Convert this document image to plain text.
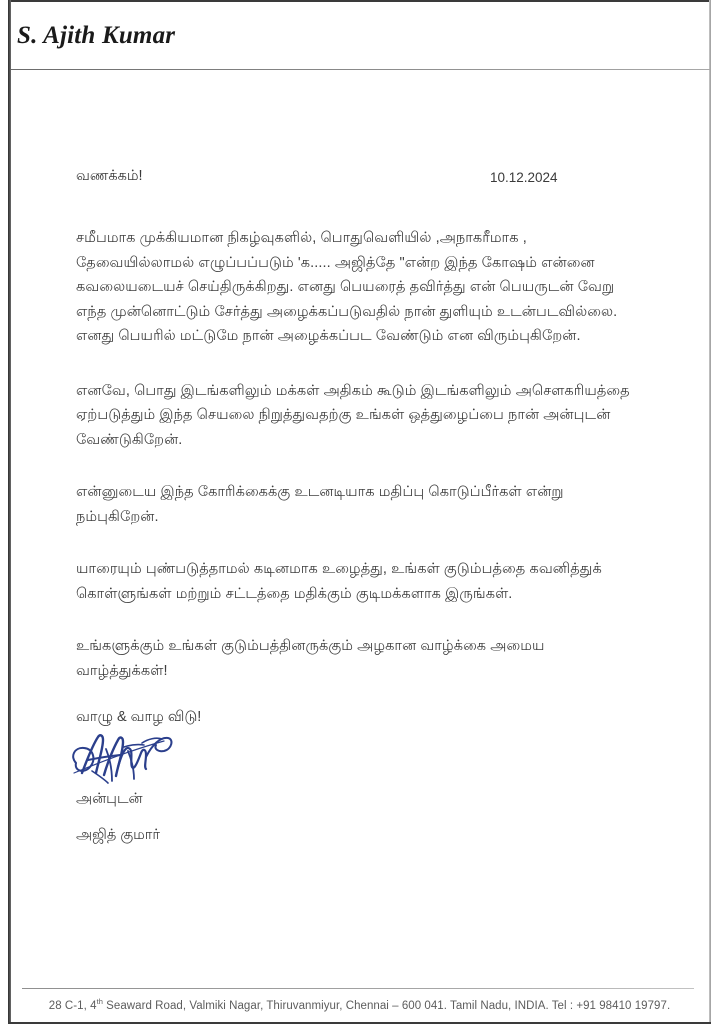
S. Ajith Kumar
வணக்கம்!	10.12.2024

சமீபமாக முக்கியமான நிகழ்வுகளில், பொதுவெளியில் ,அநாகரீமாக , தேவையில்லாமல் எழுப்பப்படும் 'க..... அஜித்தே "என்ற இந்த கோஷம் என்னை கவலையடையச் செய்திருக்கிறது. எனது பெயரைத் தவிர்த்து என் பெயருடன் வேறு எந்த முன்னொட்டும் சேர்த்து அழைக்கப்படுவதில் நான் துளியும் உடன்படவில்லை. எனது பெயரில் மட்டுமே நான் அழைக்கப்பட வேண்டும் என விரும்புகிறேன்.

எனவே, பொது இடங்களிலும் மக்கள் அதிகம் கூடும் இடங்களிலும் அசௌகரியத்தை ஏற்படுத்தும் இந்த செயலை நிறுத்துவதற்கு உங்கள் ஒத்துழைப்பை நான் அன்புடன் வேண்டுகிறேன்.

என்னுடைய இந்த கோரிக்கைக்கு உடனடியாக மதிப்பு கொடுப்பீர்கள் என்று நம்புகிறேன்.

யாரையும் புண்படுத்தாமல் கடினமாக உழைத்து, உங்கள் குடும்பத்தை கவனித்துக் கொள்ளுங்கள் மற்றும் சட்டத்தை மதிக்கும் குடிமக்களாக இருங்கள்.

உங்களுக்கும் உங்கள் குடும்பத்தினருக்கும் அழகான வாழ்க்கை அமைய வாழ்த்துக்கள்!

வாழு & வாழ விடு!

அன்புடன்

அஜித் குமார்

28 C-1, 4th Seaward Road, Valmiki Nagar, Thiruvanmiyur, Chennai – 600 041. Tamil Nadu, INDIA. Tel : +91 98410 19797.
